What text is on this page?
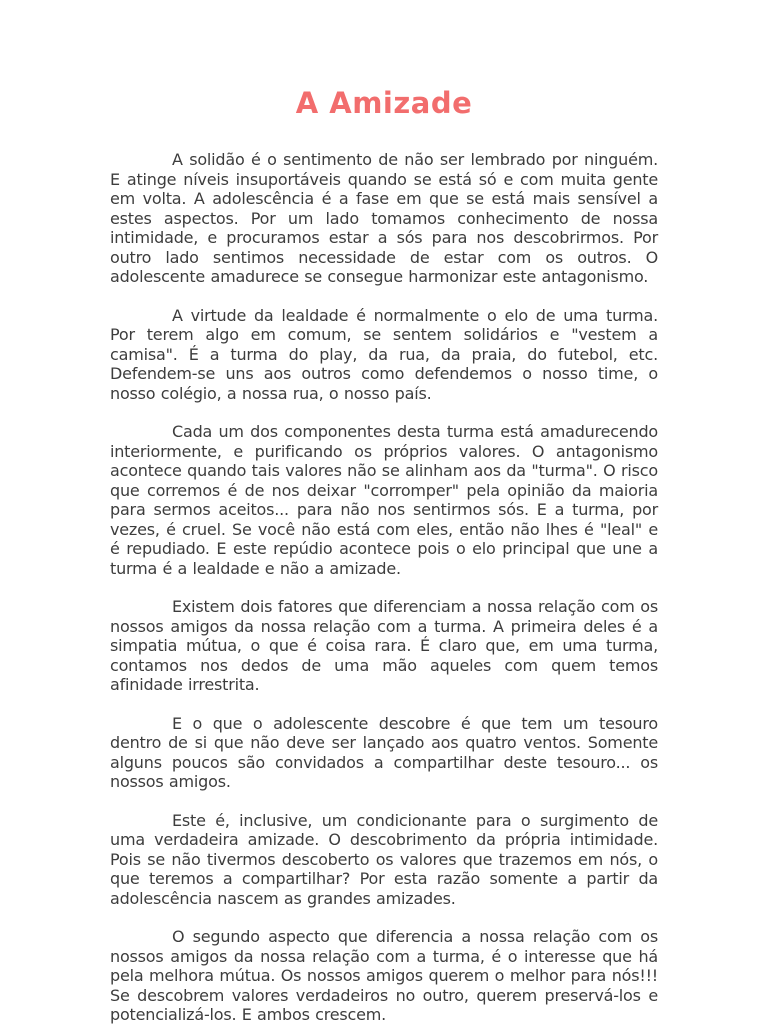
A Amizade

A solidão é o sentimento de não ser lembrado por ninguém. E atinge níveis insuportáveis quando se está só e com muita gente em volta. A adolescência é a fase em que se está mais sensível a estes aspectos. Por um lado tomamos conhecimento de nossa intimidade, e procuramos estar a sós para nos descobrirmos. Por outro lado sentimos necessidade de estar com os outros. O adolescente amadurece se consegue harmonizar este antagonismo.

A virtude da lealdade é normalmente o elo de uma turma. Por terem algo em comum, se sentem solidários e "vestem a camisa". É a turma do play, da rua, da praia, do futebol, etc. Defendem-se uns aos outros como defendemos o nosso time, o nosso colégio, a nossa rua, o nosso país.

Cada um dos componentes desta turma está amadurecendo interiormente, e purificando os próprios valores. O antagonismo acontece quando tais valores não se alinham aos da "turma". O risco que corremos é de nos deixar "corromper" pela opinião da maioria para sermos aceitos... para não nos sentirmos sós. E a turma, por vezes, é cruel. Se você não está com eles, então não lhes é "leal" e é repudiado. E este repúdio acontece pois o elo principal que une a turma é a lealdade e não a amizade.

Existem dois fatores que diferenciam a nossa relação com os nossos amigos da nossa relação com a turma. A primeira deles é a simpatia mútua, o que é coisa rara. É claro que, em uma turma, contamos nos dedos de uma mão aqueles com quem temos afinidade irrestrita.

E o que o adolescente descobre é que tem um tesouro dentro de si que não deve ser lançado aos quatro ventos. Somente alguns poucos são convidados a compartilhar deste tesouro... os nossos amigos.

Este é, inclusive, um condicionante para o surgimento de uma verdadeira amizade. O descobrimento da própria intimidade. Pois se não tivermos descoberto os valores que trazemos em nós, o que teremos a compartilhar? Por esta razão somente a partir da adolescência nascem as grandes amizades.

O segundo aspecto que diferencia a nossa relação com os nossos amigos da nossa relação com a turma, é o interesse que há pela melhora mútua. Os nossos amigos querem o melhor para nós!!! Se descobrem valores verdadeiros no outro, querem preservá-los e potencializá-los. E ambos crescem.
